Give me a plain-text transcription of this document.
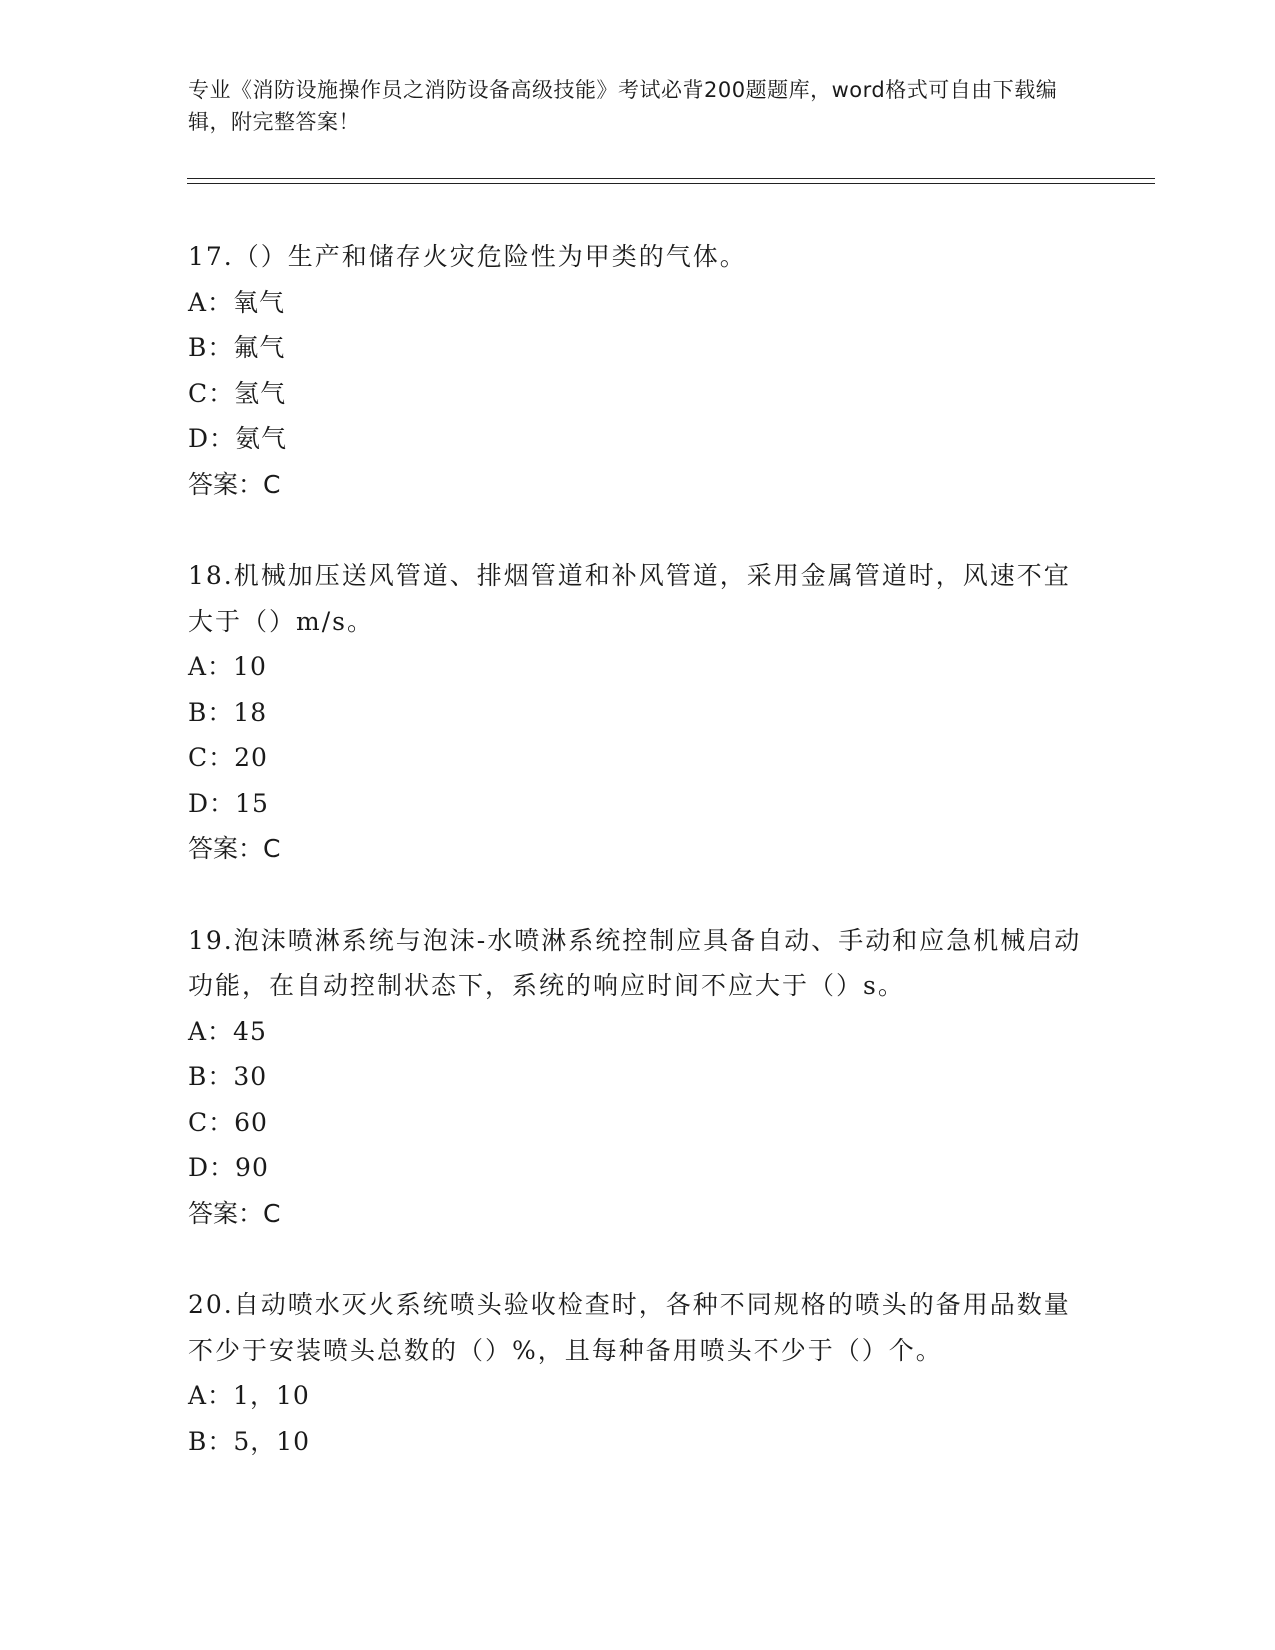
专业《消防设施操作员之消防设备高级技能》考试必背200题题库，word格式可自由下载编辑，附完整答案！

17.（）生产和储存火灾危险性为甲类的气体。

A：氧气

B：氟气

C：氢气

D：氨气

答案：C

18.机械加压送风管道、排烟管道和补风管道，采用金属管道时，风速不宜大于（）m/s。

A：10

B：18

C：20

D：15

答案：C

19.泡沫喷淋系统与泡沫-水喷淋系统控制应具备自动、手动和应急机械启动功能，在自动控制状态下，系统的响应时间不应大于（）s。

A：45

B：30

C：60

D：90

答案：C

20.自动喷水灭火系统喷头验收检查时，各种不同规格的喷头的备用品数量不少于安装喷头总数的（）%，且每种备用喷头不少于（）个。

A：1，10

B：5，10
